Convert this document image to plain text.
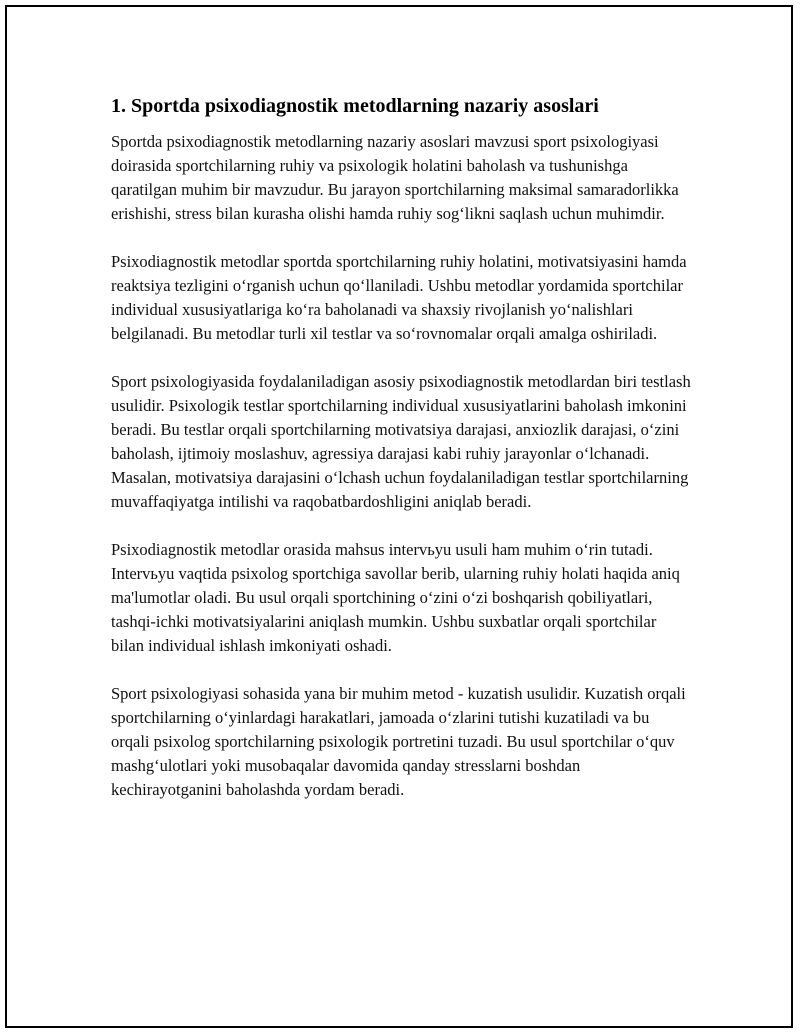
1. Sportda psixodiagnostik metodlarning nazariy asoslari

Sportda psixodiagnostik metodlarning nazariy asoslari mavzusi sport psixologiyasi doirasida sportchilarning ruhiy va psixologik holatini baholash va tushunishga qaratilgan muhim bir mavzudur. Bu jarayon sportchilarning maksimal samaradorlikka erishishi, stress bilan kurasha olishi hamda ruhiy sog‘likni saqlash uchun muhimdir.

Psixodiagnostik metodlar sportda sportchilarning ruhiy holatini, motivatsiyasini hamda reaktsiya tezligini o‘rganish uchun qo‘llaniladi. Ushbu metodlar yordamida sportchilar individual xususiyatlariga ko‘ra baholanadi va shaxsiy rivojlanish yo‘nalishlari belgilanadi. Bu metodlar turli xil testlar va so‘rovnomalar orqali amalga oshiriladi.

Sport psixologiyasida foydalaniladigan asosiy psixodiagnostik metodlardan biri testlash usulidir. Psixologik testlar sportchilarning individual xususiyatlarini baholash imkonini beradi. Bu testlar orqali sportchilarning motivatsiya darajasi, anxiozlik darajasi, o‘zini baholash, ijtimoiy moslashuv, agressiya darajasi kabi ruhiy jarayonlar o‘lchanadi. Masalan, motivatsiya darajasini o‘lchash uchun foydalaniladigan testlar sportchilarning muvaffaqiyatga intilishi va raqobatbardoshligini aniqlab beradi.

Psixodiagnostik metodlar orasida mahsus intervьyu usuli ham muhim o‘rin tutadi. Intervьyu vaqtida psixolog sportchiga savollar berib, ularning ruhiy holati haqida aniq ma'lumotlar oladi. Bu usul orqali sportchining o‘zini o‘zi boshqarish qobiliyatlari, tashqi-ichki motivatsiyalarini aniqlash mumkin. Ushbu suxbatlar orqali sportchilar bilan individual ishlash imkoniyati oshadi.

Sport psixologiyasi sohasida yana bir muhim metod - kuzatish usulidir. Kuzatish orqali sportchilarning o‘yinlardagi harakatlari, jamoada o‘zlarini tutishi kuzatiladi va bu orqali psixolog sportchilarning psixologik portretini tuzadi. Bu usul sportchilar o‘quv mashg‘ulotlari yoki musobaqalar davomida qanday stresslarni boshdan kechirayotganini baholashda yordam beradi.
